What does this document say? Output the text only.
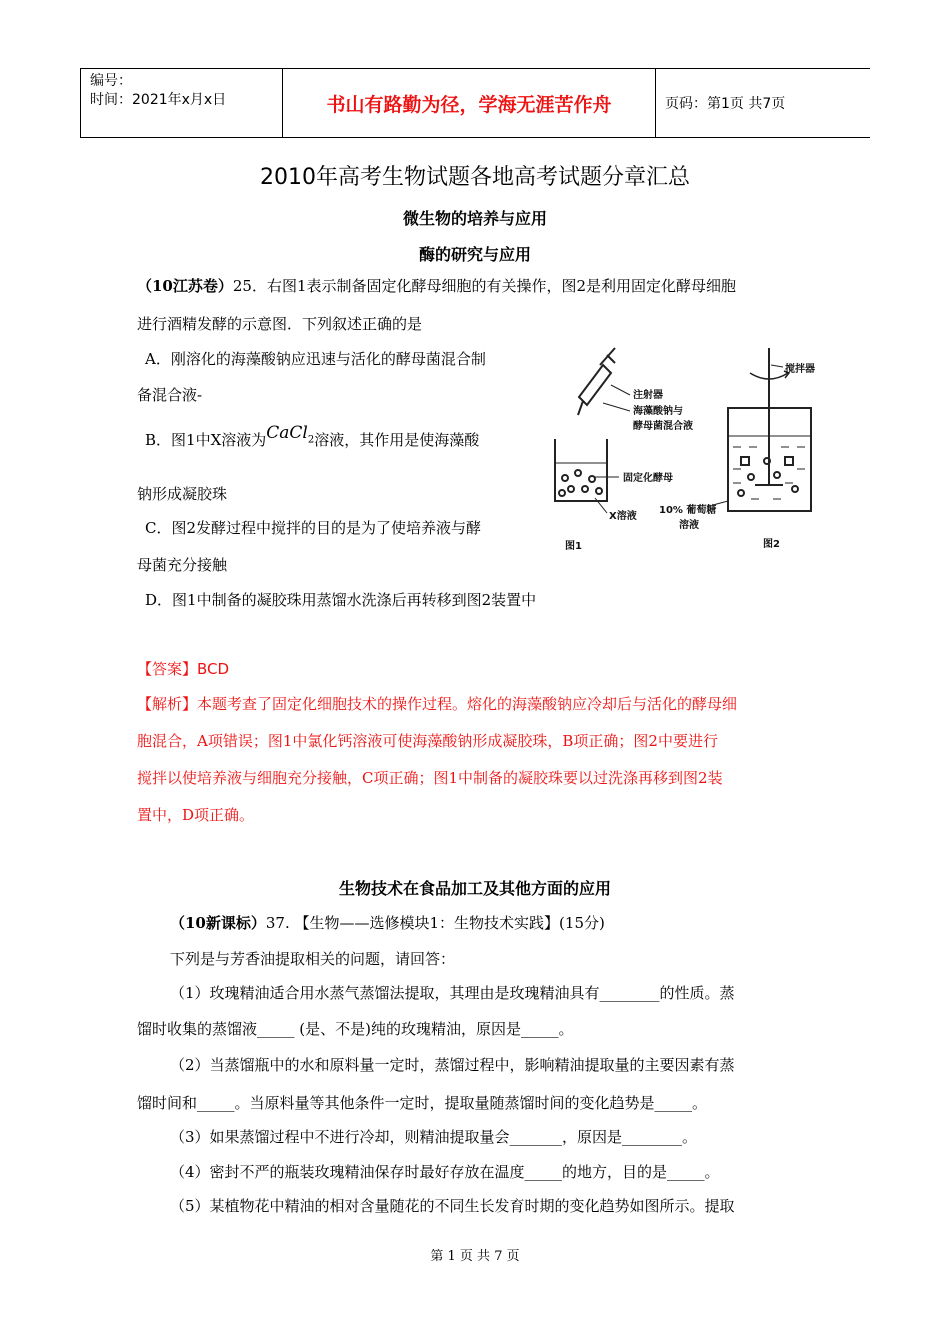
编号：
时间：2021年x月x日	书山有路勤为径，学海无涯苦作舟	页码：第1页 共7页
2010年高考生物试题各地高考试题分章汇总
微生物的培养与应用
酶的研究与应用
（10江苏卷）25．右图1表示制备固定化酵母细胞的有关操作，图2是利用固定化酵母细胞
进行酒精发酵的示意图．下列叙述正确的是
A．刚溶化的海藻酸钠应迅速与活化的酵母菌混合制
备混合液-
B．图1中X溶液为CaCl$_2$溶液，其作用是使海藻酸
钠形成凝胶珠
C．图2发酵过程中搅拌的目的是为了使培养液与酵
母菌充分接触
D．图1中制备的凝胶珠用蒸馏水洗涤后再转移到图2装置中
注射器
海藻酸钠与
酵母菌混合液
固定化酵母
X溶液
搅拌器
10% 葡萄糖
溶液
图1	图2
【答案】BCD
【解析】本题考查了固定化细胞技术的操作过程。熔化的海藻酸钠应冷却后与活化的酵母细
胞混合，A项错误；图1中氯化钙溶液可使海藻酸钠形成凝胶珠，B项正确；图2中要进行
搅拌以使培养液与细胞充分接触，C项正确；图1中制备的凝胶珠要以过洗涤再移到图2装
置中，D项正确。
生物技术在食品加工及其他方面的应用
（10新课标）37. 【生物——选修模块1：生物技术实践】(15分)
下列是与芳香油提取相关的问题，请回答：
（1）玫瑰精油适合用水蒸气蒸馏法提取，其理由是玫瑰精油具有________的性质。蒸
馏时收集的蒸馏液_____ (是、不是)纯的玫瑰精油，原因是_____。
（2）当蒸馏瓶中的水和原料量一定时，蒸馏过程中，影响精油提取量的主要因素有蒸
馏时间和_____。当原料量等其他条件一定时，提取量随蒸馏时间的变化趋势是_____。
（3）如果蒸馏过程中不进行冷却，则精油提取量会_______，原因是________。
（4）密封不严的瓶装玫瑰精油保存时最好存放在温度_____的地方，目的是_____。
（5）某植物花中精油的相对含量随花的不同生长发育时期的变化趋势如图所示。提取
第 1 页 共 7 页
